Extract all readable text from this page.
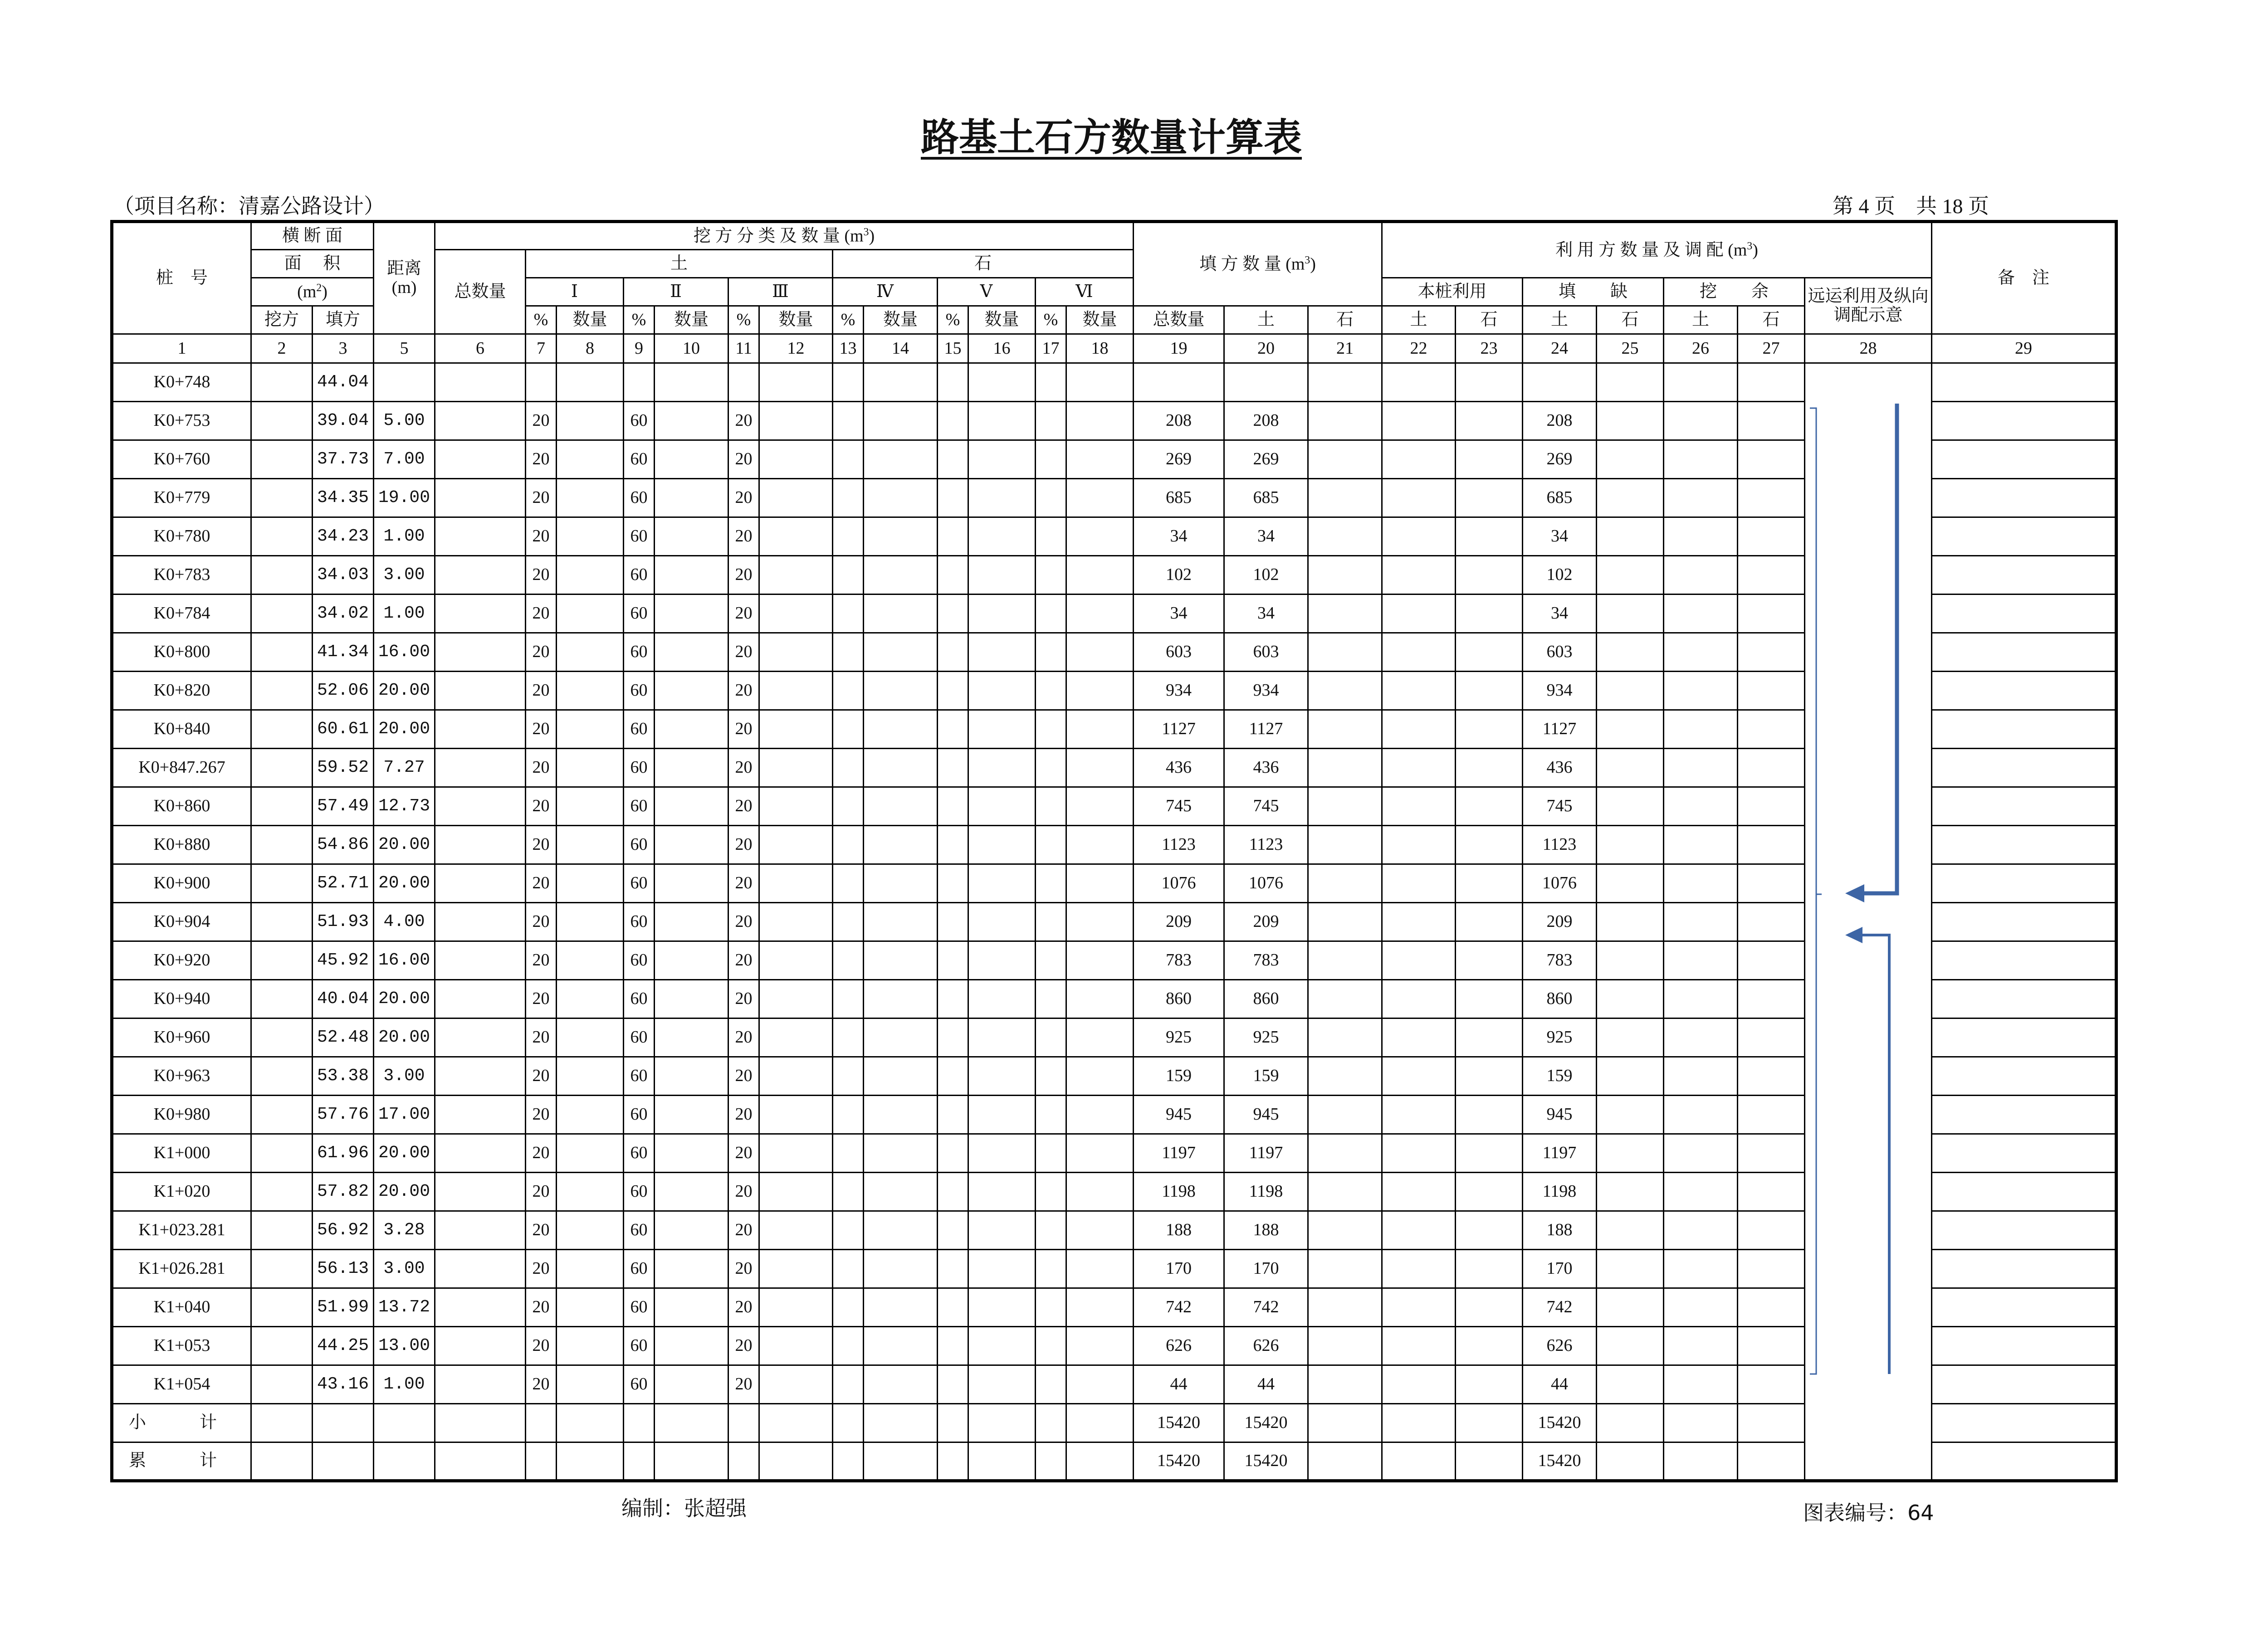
路基土石方数量计算表
（项目名称：清嘉公路设计）	第 4 页    共 18 页
桩　号	横 断 面		距离
(m)	挖 方 分 类 及 数 量 $(m^3)$													填 方 数 量 $(m^3)$			利 用 方 数 量 及 调 配 $(m^3)$							备　注
	面　 积			总数量	土						石																
	$(m^2)$				Ⅰ		Ⅱ		Ⅲ		Ⅳ		Ⅴ		Ⅵ					本桩利用		填　　缺		挖　　余		远运利用及纵向调配示意	
	挖方	填方			%	数量	%	数量	%	数量	%	数量	%	数量	%	数量	总数量	土	石	土	石	土	石	土	石		
1	2	3	5	6	7	8	9	10	11	12	13	14	15	16	17	18	19	20	21	22	23	24	25	26	27	28	29
K0+748		44.04																									
K0+753		39.04	5.00		20		60		20								208	208				208					
K0+760		37.73	7.00		20		60		20								269	269				269					
K0+779		34.35	19.00		20		60		20								685	685				685					
K0+780		34.23	1.00		20		60		20								34	34				34					
K0+783		34.03	3.00		20		60		20								102	102				102					
K0+784		34.02	1.00		20		60		20								34	34				34					
K0+800		41.34	16.00		20		60		20								603	603				603					
K0+820		52.06	20.00		20		60		20								934	934				934					
K0+840		60.61	20.00		20		60		20								1127	1127				1127					
K0+847.267		59.52	7.27		20		60		20								436	436				436					
K0+860		57.49	12.73		20		60		20								745	745				745					
K0+880		54.86	20.00		20		60		20								1123	1123				1123					
K0+900		52.71	20.00		20		60		20								1076	1076				1076					
K0+904		51.93	4.00		20		60		20								209	209				209					
K0+920		45.92	16.00		20		60		20								783	783				783					
K0+940		40.04	20.00		20		60		20								860	860				860					
K0+960		52.48	20.00		20		60		20								925	925				925					
K0+963		53.38	3.00		20		60		20								159	159				159					
K0+980		57.76	17.00		20		60		20								945	945				945					
K1+000		61.96	20.00		20		60		20								1197	1197				1197					
K1+020		57.82	20.00		20		60		20								1198	1198				1198					
K1+023.281		56.92	3.28		20		60		20								188	188				188					
K1+026.281		56.13	3.00		20		60		20								170	170				170					
K1+040		51.99	13.72		20		60		20								742	742				742					
K1+053		44.25	13.00		20		60		20								626	626				626					
K1+054		43.16	1.00		20		60		20								44	44				44					
小　计																	15420	15420				15420					
累　计																	15420	15420				15420					
编制：张超强	图表编号：64
